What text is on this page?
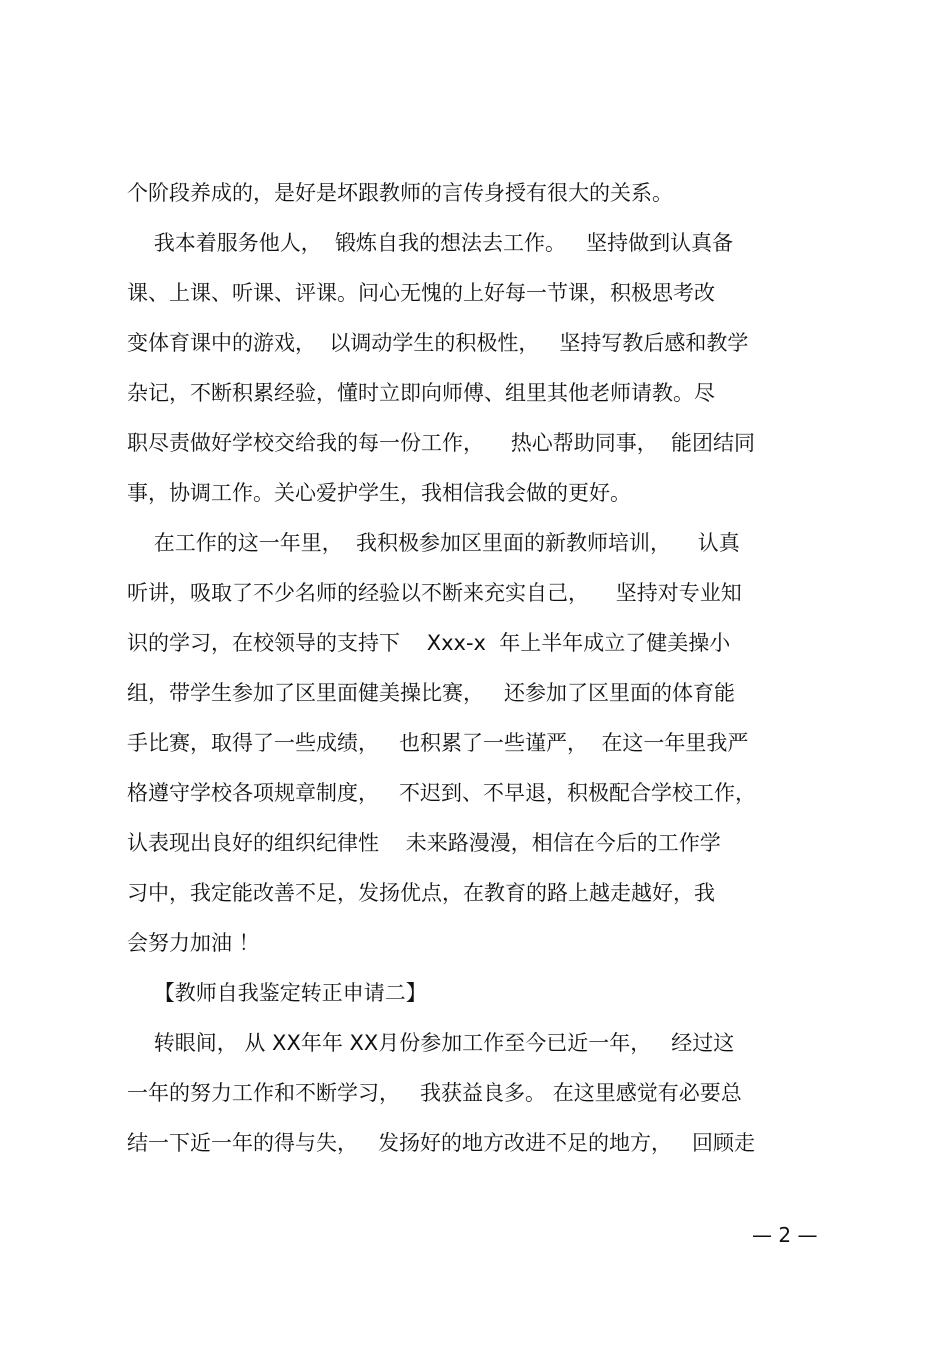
个阶段养成的，是好是坏跟教师的言传身授有很大的关系。
我本着服务他人，  锻炼自我的想法去工作。   坚持做到认真备
课、上课、听课、评课。问心无愧的上好每一节课，积极思考改
变体育课中的游戏，  以调动学生的积极性，   坚持写教后感和教学
杂记，不断积累经验，懂时立即向师傅、组里其他老师请教。尽
职尽责做好学校交给我的每一份工作，    热心帮助同事，  能团结同
事，协调工作。关心爱护学生，我相信我会做的更好。
在工作的这一年里，  我积极参加区里面的新教师培训，    认真
听讲，吸取了不少名师的经验以不断来充实自己，    坚持对专业知
识的学习，在校领导的支持下    Xxx-x  年上半年成立了健美操小
组，带学生参加了区里面健美操比赛，   还参加了区里面的体育能
手比赛，取得了一些成绩，   也积累了一些谨严，  在这一年里我严
格遵守学校各项规章制度，   不迟到、不早退，积极配合学校工作，
认表现出良好的组织纪律性    未来路漫漫，相信在今后的工作学
习中，我定能改善不足，发扬优点，在教育的路上越走越好，我
会努力加油 ！
【教师自我鉴定转正申请二】
转眼间， 从 XX年年 XX月份参加工作至今已近一年，   经过这
一年的努力工作和不断学习，   我获益良多。 在这里感觉有必要总
结一下近一年的得与失，   发扬好的地方改进不足的地方，   回顾走
— 2 —
